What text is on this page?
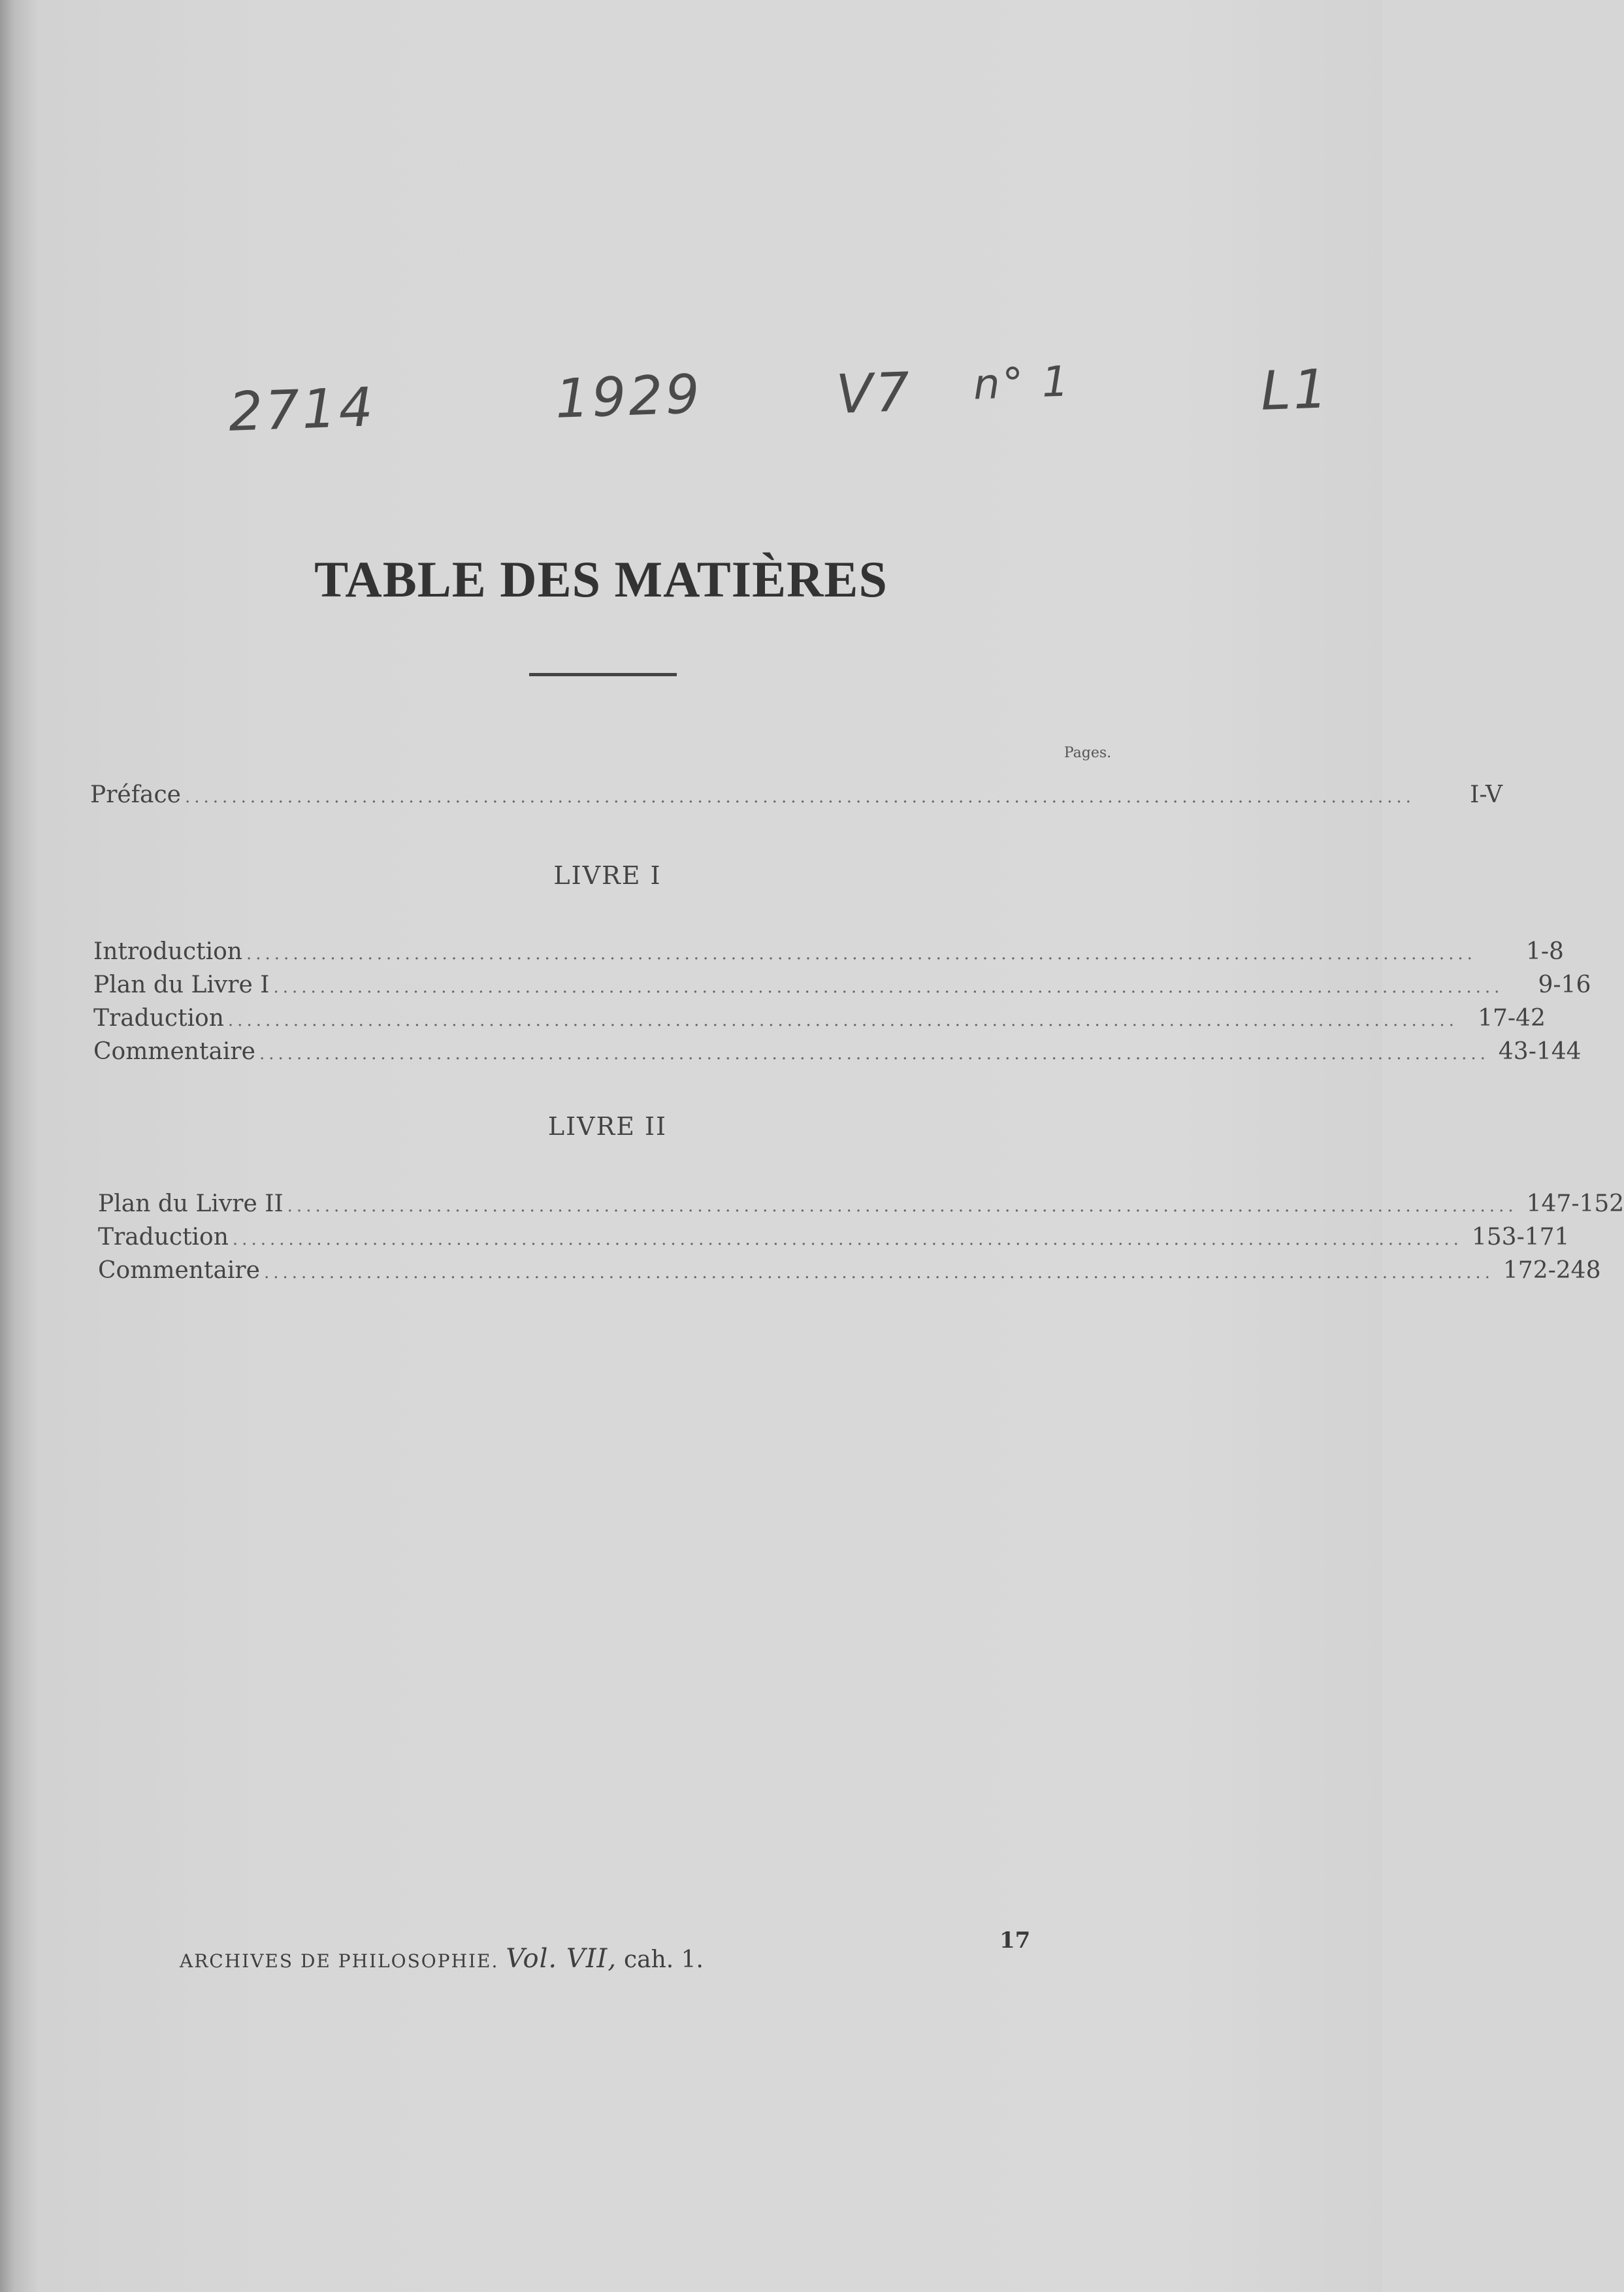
2714	1929 V7 n° 1	L1
TABLE DES MATIÈRES
Pages.
Préface ....................................................................................................................................	I-V
LIVRE I
Introduction ....................................................................................................................................	1-8
Plan du Livre I ....................................................................................................................................	9-16
Traduction .................................................................................................................................... 17-42
Commentaire .................................................................................................................................... 43-144
LIVRE II
Plan du Livre II .................................................................................................................................... 147-152
Traduction .................................................................................................................................... 153-171
Commentaire .................................................................................................................................... 172-248
ARCHIVES DE PHILOSOPHIE. Vol. VII, cah. 1.
17
